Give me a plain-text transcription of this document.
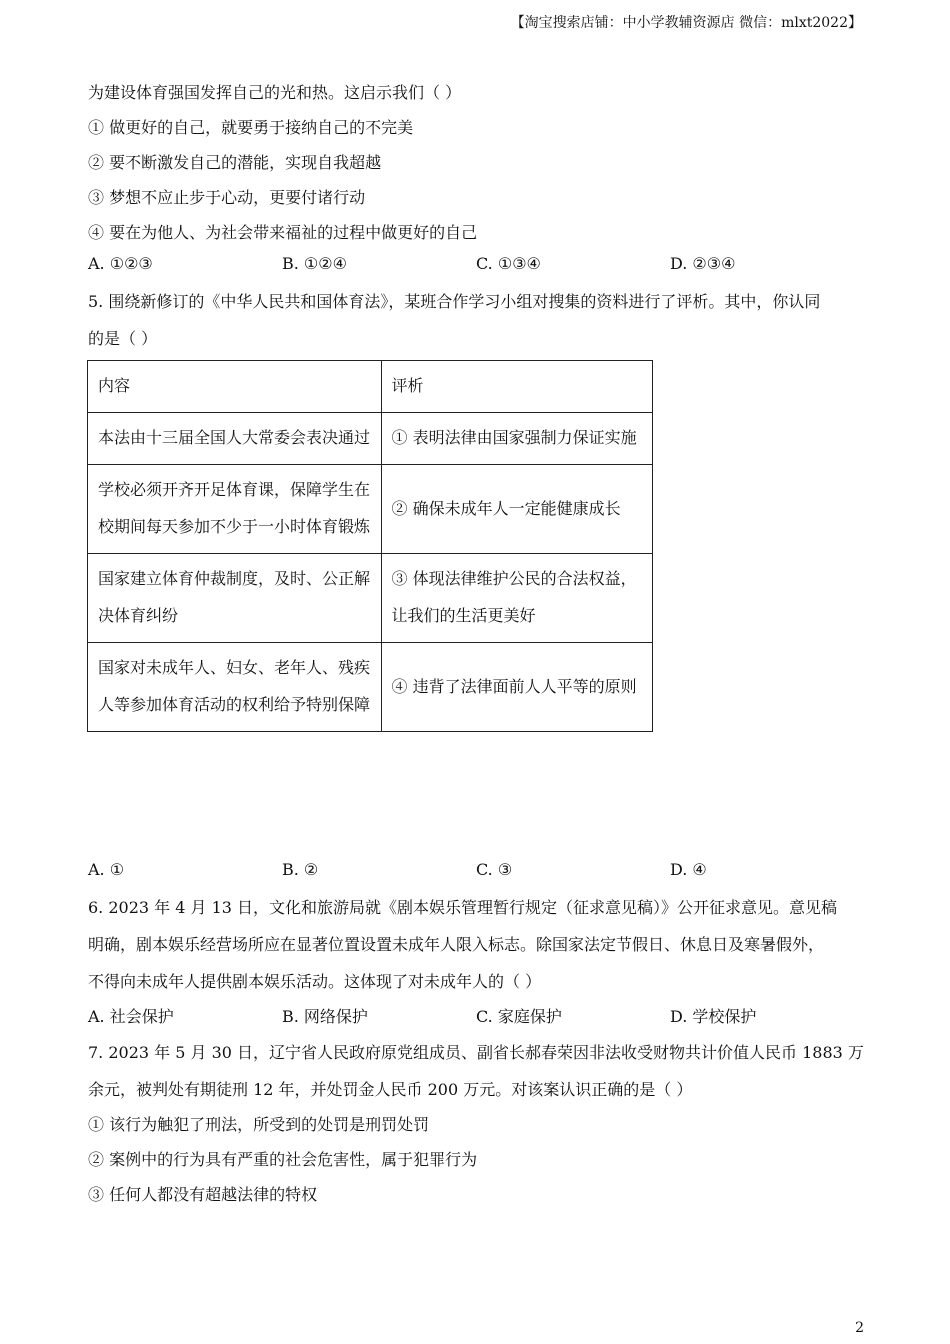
【淘宝搜索店铺：中小学教辅资源店 微信：mlxt2022】
为建设体育强国发挥自己的光和热。这启示我们（ ）
① 做更好的自己，就要勇于接纳自己的不完美
② 要不断激发自己的潜能，实现自我超越
③ 梦想不应止步于心动，更要付诸行动
④ 要在为他人、为社会带来福祉的过程中做更好的自己
A. ①②③	B. ①②④	C. ①③④	D. ②③④
5. 围绕新修订的《中华人民共和国体育法》，某班合作学习小组对搜集的资料进行了评析。其中，你认同
的是（ ）
内容	评析
本法由十三届全国人大常委会表决通过	① 表明法律由国家强制力保证实施
学校必须开齐开足体育课，保障学生在校期间每天参加不少于一小时体育锻炼	② 确保未成年人一定能健康成长
国家建立体育仲裁制度，及时、公正解决体育纠纷	③ 体现法律维护公民的合法权益，让我们的生活更美好
国家对未成年人、妇女、老年人、残疾人等参加体育活动的权利给予特别保障	④ 违背了法律面前人人平等的原则
A. ①	B. ②	C. ③	D. ④
6. 2023 年 4 月 13 日，文化和旅游局就《剧本娱乐管理暂行规定（征求意见稿）》公开征求意见。意见稿
明确，剧本娱乐经营场所应在显著位置设置未成年人限入标志。除国家法定节假日、休息日及寒暑假外，
不得向未成年人提供剧本娱乐活动。这体现了对未成年人的（ ）
A. 社会保护	B. 网络保护	C. 家庭保护	D. 学校保护
7. 2023 年 5 月 30 日，辽宁省人民政府原党组成员、副省长郝春荣因非法收受财物共计价值人民币 1883 万
余元，被判处有期徒刑 12 年，并处罚金人民币 200 万元。对该案认识正确的是（ ）
① 该行为触犯了刑法，所受到的处罚是刑罚处罚
② 案例中的行为具有严重的社会危害性，属于犯罪行为
③ 任何人都没有超越法律的特权
2
